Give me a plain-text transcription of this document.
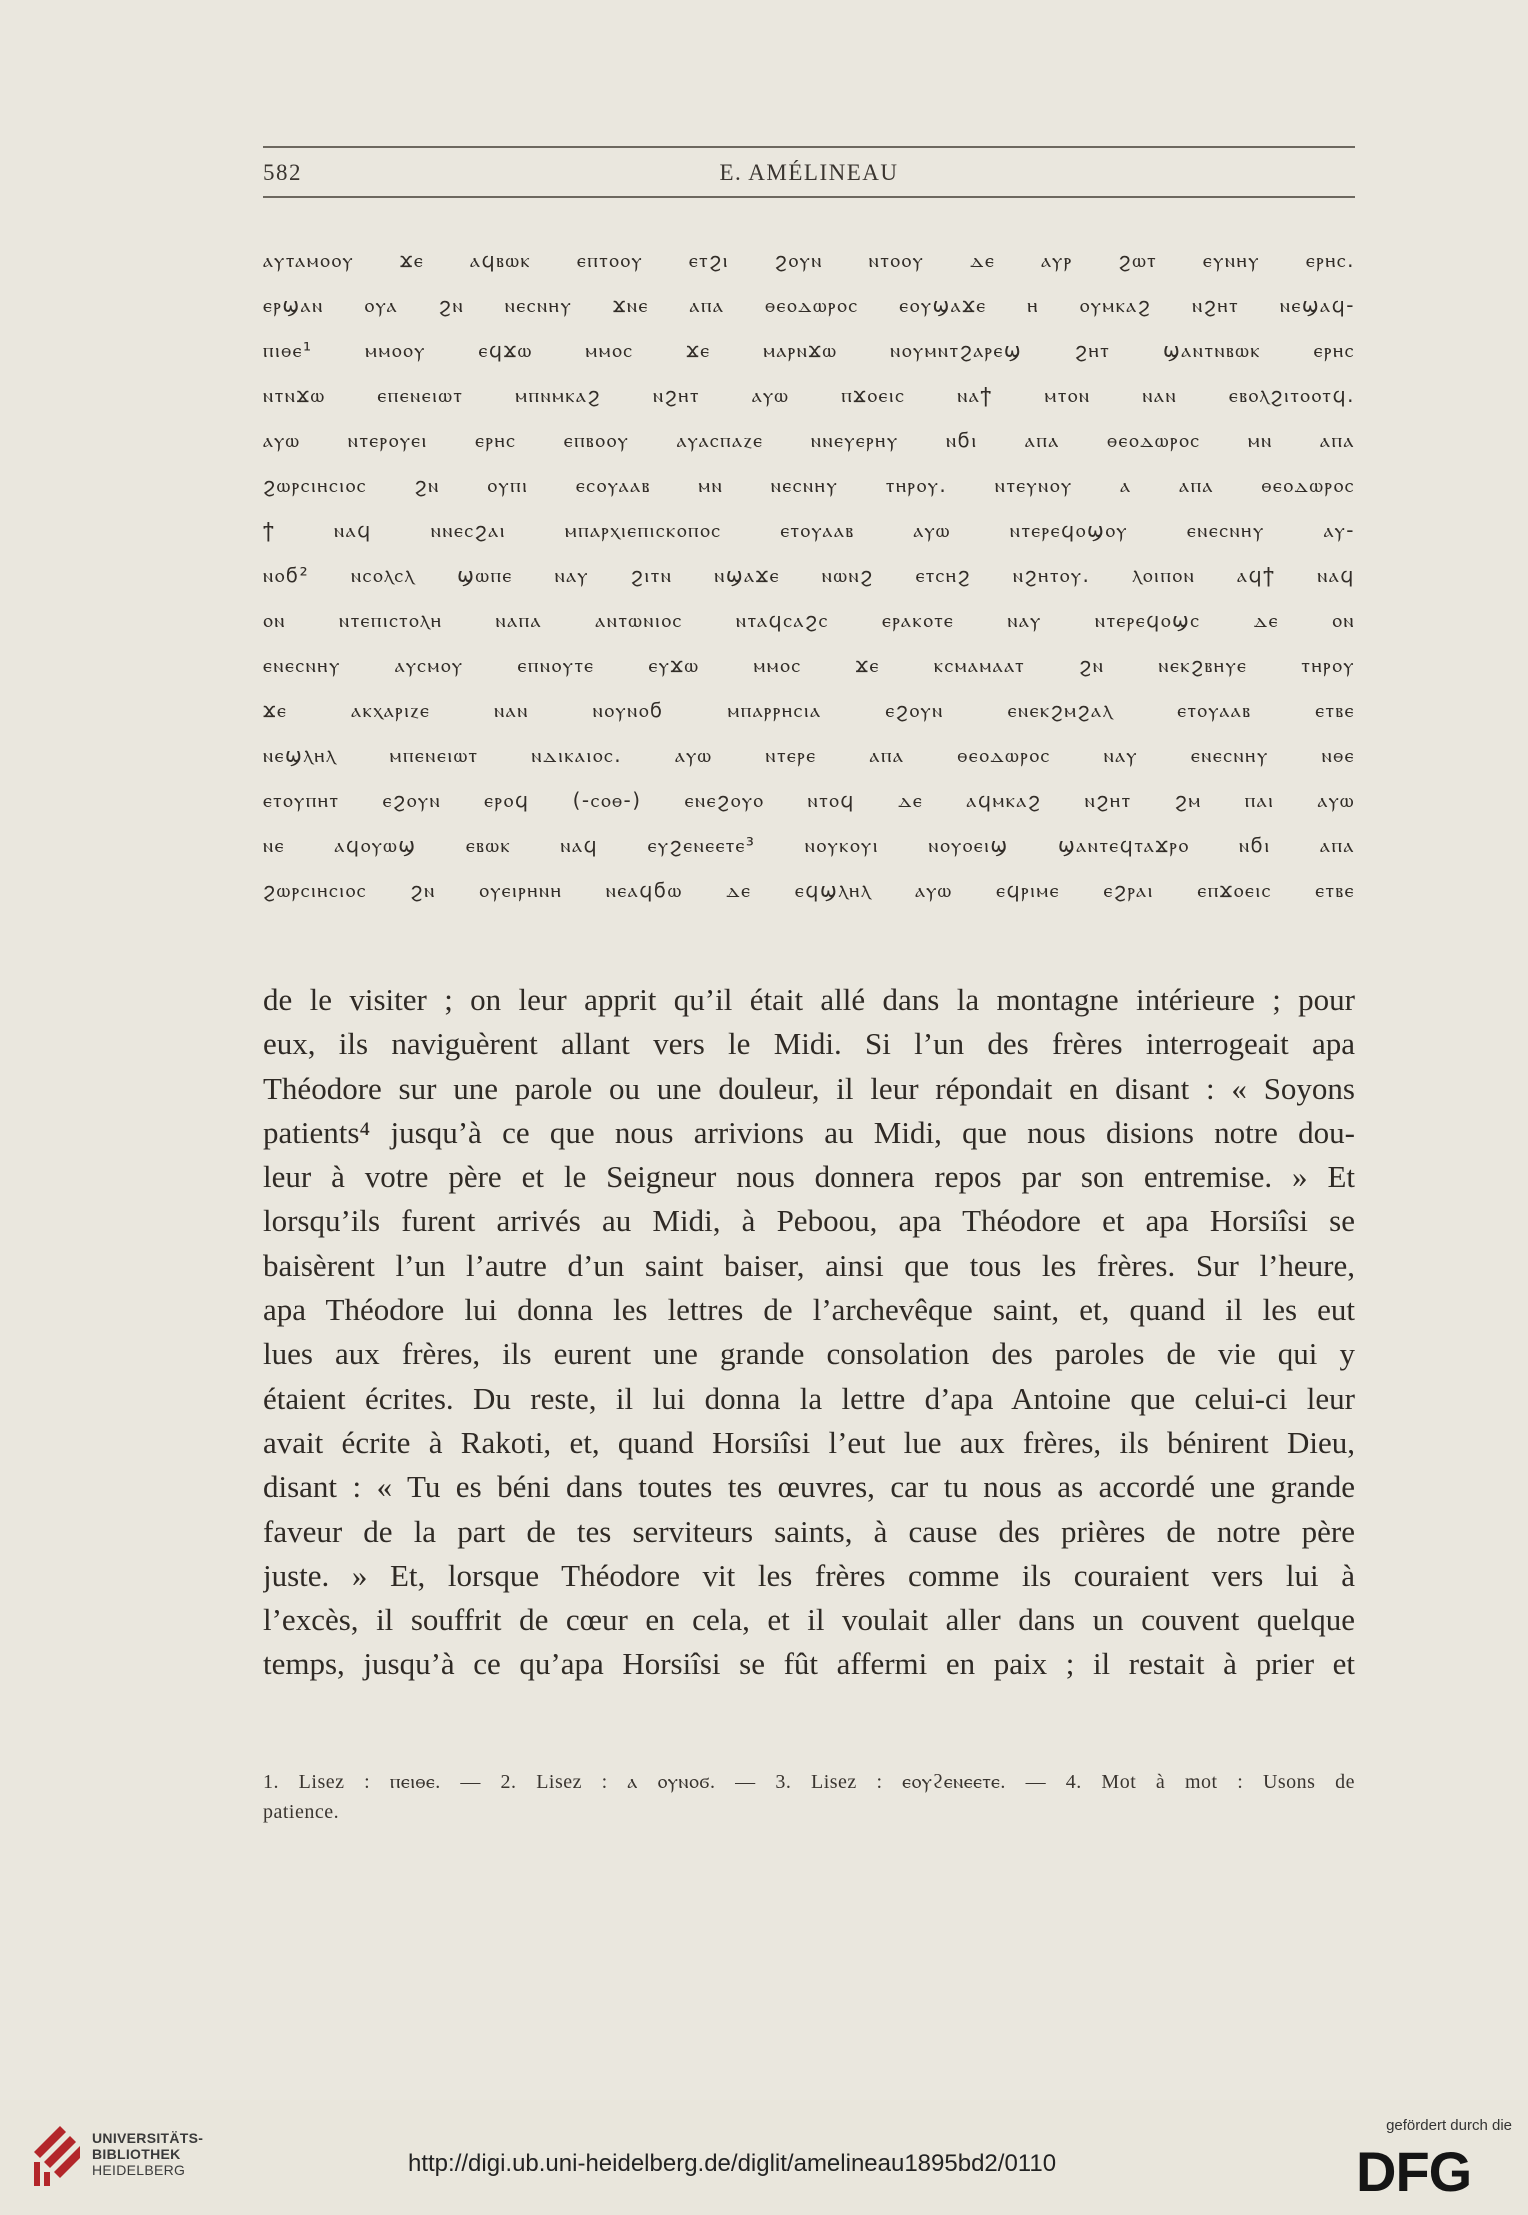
582	E. AMÉLINEAU
ⲁⲩⲧⲁⲙⲟⲟⲩ ϫⲉ ⲁϥⲃⲱⲕ ⲉⲡⲧⲟⲟⲩ ⲉⲧϩⲓ ϩⲟⲩⲛ ⲛⲧⲟⲟⲩ ⲇⲉ ⲁⲩⲣ ϩⲱⲧ ⲉⲩⲛⲏⲩ ⲉⲣⲏⲥ.
ⲉⲣϣⲁⲛ ⲟⲩⲁ ϩⲛ ⲛⲉⲥⲛⲏⲩ ϫⲛⲉ ⲁⲡⲁ ⲑⲉⲟⲇⲱⲣⲟⲥ ⲉⲟⲩϣⲁϫⲉ ⲏ ⲟⲩⲙⲕⲁϩ ⲛϩⲏⲧ ⲛⲉϣⲁϥ-
ⲡⲓⲑⲉ¹ ⲙⲙⲟⲟⲩ ⲉϥϫⲱ ⲙⲙⲟⲥ ϫⲉ ⲙⲁⲣⲛϫⲱ ⲛⲟⲩⲙⲛⲧϩⲁⲣⲉϣ ϩⲏⲧ ϣⲁⲛⲧⲛⲃⲱⲕ ⲉⲣⲏⲥ
ⲛⲧⲛϫⲱ ⲉⲡⲉⲛⲉⲓⲱⲧ ⲙⲡⲛⲙⲕⲁϩ ⲛϩⲏⲧ ⲁⲩⲱ ⲡϫⲟⲉⲓⲥ ⲛⲁϯ ⲙⲧⲟⲛ ⲛⲁⲛ ⲉⲃⲟⲗϩⲓⲧⲟⲟⲧϥ.
ⲁⲩⲱ ⲛⲧⲉⲣⲟⲩⲉⲓ ⲉⲣⲏⲥ ⲉⲡⲃⲟⲟⲩ ⲁⲩⲁⲥⲡⲁⲍⲉ ⲛⲛⲉⲩⲉⲣⲏⲩ ⲛϭⲓ ⲁⲡⲁ ⲑⲉⲟⲇⲱⲣⲟⲥ ⲙⲛ ⲁⲡⲁ
ϩⲱⲣⲥⲓⲏⲥⲓⲟⲥ ϩⲛ ⲟⲩⲡⲓ ⲉⲥⲟⲩⲁⲁⲃ ⲙⲛ ⲛⲉⲥⲛⲏⲩ ⲧⲏⲣⲟⲩ. ⲛⲧⲉⲩⲛⲟⲩ ⲁ ⲁⲡⲁ ⲑⲉⲟⲇⲱⲣⲟⲥ
ϯ ⲛⲁϥ ⲛⲛⲉⲥϩⲁⲓ ⲙⲡⲁⲣⲭⲓⲉⲡⲓⲥⲕⲟⲡⲟⲥ ⲉⲧⲟⲩⲁⲁⲃ ⲁⲩⲱ ⲛⲧⲉⲣⲉϥⲟϣⲟⲩ ⲉⲛⲉⲥⲛⲏⲩ ⲁⲩ-
ⲛⲟϭ² ⲛⲥⲟⲗⲥⲗ ϣⲱⲡⲉ ⲛⲁⲩ ϩⲓⲧⲛ ⲛϣⲁϫⲉ ⲛⲱⲛϩ ⲉⲧⲥⲏϩ ⲛϩⲏⲧⲟⲩ. ⲗⲟⲓⲡⲟⲛ ⲁϥϯ ⲛⲁϥ
ⲟⲛ ⲛⲧⲉⲡⲓⲥⲧⲟⲗⲏ ⲛⲁⲡⲁ ⲁⲛⲧⲱⲛⲓⲟⲥ ⲛⲧⲁϥⲥⲁϩⲥ ⲉⲣⲁⲕⲟⲧⲉ ⲛⲁⲩ ⲛⲧⲉⲣⲉϥⲟϣⲥ ⲇⲉ ⲟⲛ
ⲉⲛⲉⲥⲛⲏⲩ ⲁⲩⲥⲙⲟⲩ ⲉⲡⲛⲟⲩⲧⲉ ⲉⲩϫⲱ ⲙⲙⲟⲥ ϫⲉ ⲕⲥⲙⲁⲙⲁⲁⲧ ϩⲛ ⲛⲉⲕϩⲃⲏⲩⲉ ⲧⲏⲣⲟⲩ
ϫⲉ ⲁⲕⲭⲁⲣⲓⲍⲉ ⲛⲁⲛ ⲛⲟⲩⲛⲟϭ ⲙⲡⲁⲣⲣⲏⲥⲓⲁ ⲉϩⲟⲩⲛ ⲉⲛⲉⲕϩⲙϩⲁⲗ ⲉⲧⲟⲩⲁⲁⲃ ⲉⲧⲃⲉ
ⲛⲉϣⲗⲏⲗ ⲙⲡⲉⲛⲉⲓⲱⲧ ⲛⲇⲓⲕⲁⲓⲟⲥ. ⲁⲩⲱ ⲛⲧⲉⲣⲉ ⲁⲡⲁ ⲑⲉⲟⲇⲱⲣⲟⲥ ⲛⲁⲩ ⲉⲛⲉⲥⲛⲏⲩ ⲛⲑⲉ
ⲉⲧⲟⲩⲡⲏⲧ ⲉϩⲟⲩⲛ ⲉⲣⲟϥ (-ⲥⲟⲑ-) ⲉⲛⲉϩⲟⲩⲟ ⲛⲧⲟϥ ⲇⲉ ⲁϥⲙⲕⲁϩ ⲛϩⲏⲧ ϩⲙ ⲡⲁⲓ ⲁⲩⲱ
ⲛⲉ ⲁϥⲟⲩⲱϣ ⲉⲃⲱⲕ ⲛⲁϥ ⲉⲩϩⲉⲛⲉⲉⲧⲉ³ ⲛⲟⲩⲕⲟⲩⲓ ⲛⲟⲩⲟⲉⲓϣ ϣⲁⲛⲧⲉϥⲧⲁϫⲣⲟ ⲛϭⲓ ⲁⲡⲁ
ϩⲱⲣⲥⲓⲏⲥⲓⲟⲥ ϩⲛ ⲟⲩⲉⲓⲣⲏⲛⲏ ⲛⲉⲁϥϭⲱ ⲇⲉ ⲉϥϣⲗⲏⲗ ⲁⲩⲱ ⲉϥⲣⲓⲙⲉ ⲉϩⲣⲁⲓ ⲉⲡϫⲟⲉⲓⲥ ⲉⲧⲃⲉ
de le visiter ; on leur apprit qu’il était allé dans la montagne intérieure ; pour
eux, ils naviguèrent allant vers le Midi. Si l’un des frères interrogeait apa
Théodore sur une parole ou une douleur, il leur répondait en disant : « Soyons
patients⁴ jusqu’à ce que nous arrivions au Midi, que nous disions notre dou-
leur à votre père et le Seigneur nous donnera repos par son entremise. » Et
lorsqu’ils furent arrivés au Midi, à Peboou, apa Théodore et apa Horsiîsi se
baisèrent l’un l’autre d’un saint baiser, ainsi que tous les frères. Sur l’heure,
apa Théodore lui donna les lettres de l’archevêque saint, et, quand il les eut
lues aux frères, ils eurent une grande consolation des paroles de vie qui y
étaient écrites. Du reste, il lui donna la lettre d’apa Antoine que celui-ci leur
avait écrite à Rakoti, et, quand Horsiîsi l’eut lue aux frères, ils bénirent Dieu,
disant : « Tu es béni dans toutes tes œuvres, car tu nous as accordé une grande
faveur de la part de tes serviteurs saints, à cause des prières de notre père
juste. » Et, lorsque Théodore vit les frères comme ils couraient vers lui à
l’excès, il souffrit de cœur en cela, et il voulait aller dans un couvent quelque
temps, jusqu’à ce qu’apa Horsiîsi se fût affermi en paix ; il restait à prier et
1. Lisez : ⲡⲉⲓⲑⲉ. — 2. Lisez : ⲁ ⲟⲩⲛⲟϭ. — 3. Lisez : ⲉⲟⲩϩⲉⲛⲉⲉⲧⲉ. — 4. Mot à mot : Usons de
patience.
UNIVERSITÄTS-
BIBLIOTHEK
HEIDELBERG	http://digi.ub.uni-heidelberg.de/diglit/amelineau1895bd2/0110
gefördert durch die
DFG
